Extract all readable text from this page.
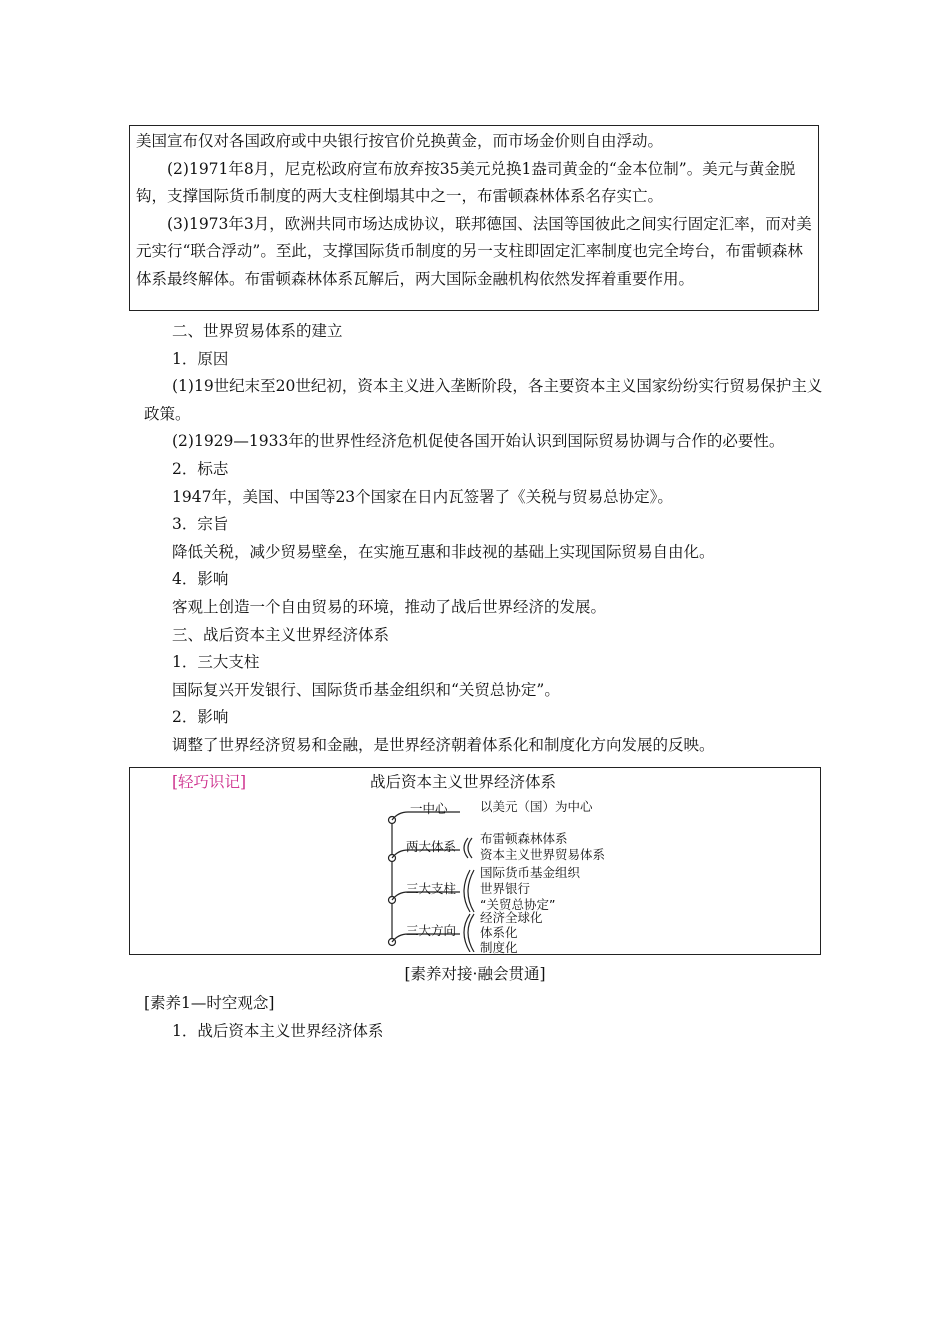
美国宣布仅对各国政府或中央银行按官价兑换黄金，而市场金价则自由浮动。

(2)1971年8月，尼克松政府宣布放弃按35美元兑换1盎司黄金的“金本位制”。美元与黄金脱钩，支撑国际货币制度的两大支柱倒塌其中之一，布雷顿森林体系名存实亡。

(3)1973年3月，欧洲共同市场达成协议，联邦德国、法国等国彼此之间实行固定汇率，而对美元实行“联合浮动”。至此，支撑国际货币制度的另一支柱即固定汇率制度也完全垮台，布雷顿森林体系最终解体。布雷顿森林体系瓦解后，两大国际金融机构依然发挥着重要作用。

二、世界贸易体系的建立

1．原因

(1)19世纪末至20世纪初，资本主义进入垄断阶段，各主要资本主义国家纷纷实行贸易保护主义政策。

(2)1929—1933年的世界性经济危机促使各国开始认识到国际贸易协调与合作的必要性。

2．标志

1947年，美国、中国等23个国家在日内瓦签署了《关税与贸易总协定》。

3．宗旨

降低关税，减少贸易壁垒，在实施互惠和非歧视的基础上实现国际贸易自由化。

4．影响

客观上创造一个自由贸易的环境，推动了战后世界经济的发展。

三、战后资本主义世界经济体系

1．三大支柱

国际复兴开发银行、国际货币基金组织和“关贸总协定”。

2．影响

调整了世界经济贸易和金融，是世界经济朝着体系化和制度化方向发展的反映。

[轻巧识记]	战后资本主义世界经济体系
一中心	以美元（国）为中心
两大体系
布雷顿森林体系
资本主义世界贸易体系
三大支柱
国际货币基金组织
世界银行
“关贸总协定”
三大方向
经济全球化
体系化
制度化
[素养对接·融会贯通]
[素养1—时空观念]
1．战后资本主义世界经济体系
